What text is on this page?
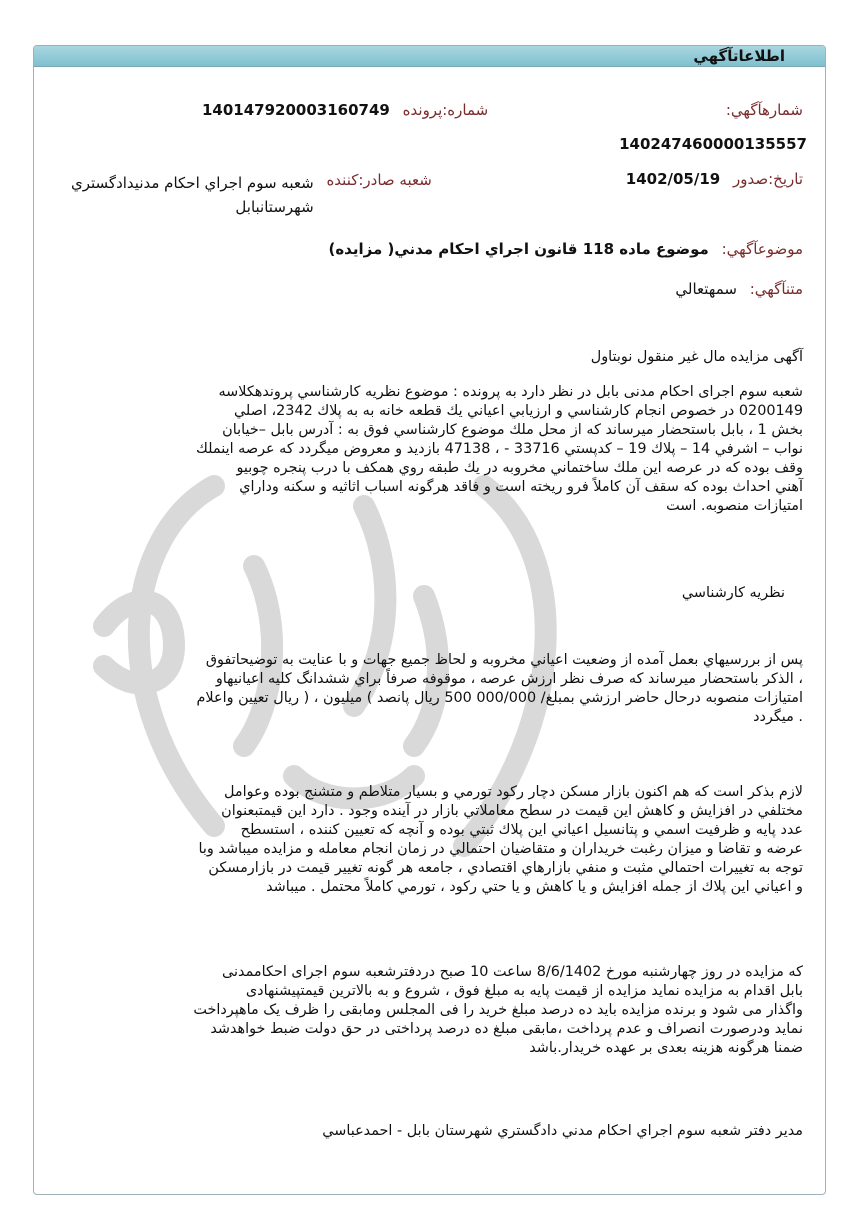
اطلاعاتآگهي
شماره:پرونده 140147920003160749
شعبه صادر:كننده
شعبه سوم اجراي احكام مدنيدادگستري
شهرستانبابل
شمارهآگهي:
140247460000135557
تاريخ:صدور 1402/05/19
موضوعآگهي: موضوع ماده 118 قانون اجراي احكام مدني( مزايده)
متنآگهي: سمهتعالي
آگهی مزايده مال غير منقول نوبتاول
شعبه سوم اجرای احکام مدنی بابل در نظر دارد به پرونده : موضوع نظريه كارشناسي پروندهكلاسه
0200149 در خصوص انجام كارشناسي و ارزيابي اعياني يك قطعه خانه به به پلاك 2342، اصلي
بخش 1 ، بابل باستحضار ميرساند كه از محل ملك موضوع كارشناسي فوق به : آدرس بابل –خيابان
نواب – اشرفي 14 – پلاك 19 – كدپستي 33716 - ، 47138 بازديد و معروض ميگردد كه عرصه اينملك
وقف بوده كه در عرصه اين ملك ساختماني مخروبه در يك طبقه روي همكف با درب پنجره چوبيو
آهني احداث بوده كه سقف آن كاملاً فرو ريخته است و فاقد هرگونه اسباب اثاثيه و سكنه وداراي
امتيازات منصوبه. است
نظريه كارشناسي
پس از بررسيهاي بعمل آمده از وضعيت اعياني مخروبه و لحاظ جميع جهات و با عنايت به توضيحاتفوق
، الذكر باستحضار ميرساند كه صرف نظر ارزش عرصه ، موقوفه صرفاً براي ششدانگ كليه اعيانيهاو
امتيازات منصوبه درحال حاضر ارزشي بمبلغ/ 000/000 500 ريال پانصد ) ميليون ، ( ريال تعيين واعلام
. ميگردد
لازم بذكر است كه هم اكنون بازار مسكن دچار ركود تورمي و بسيار متلاطم و متشنج بوده وعوامل
مختلفي در افزايش و كاهش اين قيمت در سطح معاملاتي بازار در آينده وجود . دارد اين قيمتبعنوان
عدد پايه و ظرفيت اسمي و پتانسيل اعياني اين پلاك ثبتي بوده و آنچه كه تعيين كننده ، استسطح
عرضه و تقاضا و ميزان رغبت خريداران و متقاضيان احتمالي در زمان انجام معامله و مزايده ميباشد وبا
توجه به تغييرات احتمالي مثبت و منفي بازارهاي اقتصادي ، جامعه هر گونه تغيير قيمت در بازارمسكن
و اعياني اين پلاك از جمله افزايش و يا كاهش و يا حتي ركود ، تورمي كاملاً محتمل . ميباشد
كه مزايده در روز چهارشنبه مورخ 8/6/1402 ساعت 10 صبح دردفترشعبه سوم اجرای احکاممدنی
بابل اقدام به مزايده نمايد مزايده از قيمت پايه به مبلغ فوق ، شروع و به بالاترين قيمتپيشنهادی
واگذار می شود و برنده مزايده بايد ده درصد مبلغ خريد را فی المجلس ومابقی را ظرف يک ماهپرداخت
نمايد ودرصورت انصراف و عدم پرداخت ،مابقی مبلغ ده درصد پرداختی در حق دولت ضبط خواهدشد
ضمنا هرگونه هزينه بعدی بر عهده خريدار.باشد
مدير دفتر شعبه سوم اجراي احكام مدني دادگستري شهرستان بابل - احمدعباسي
